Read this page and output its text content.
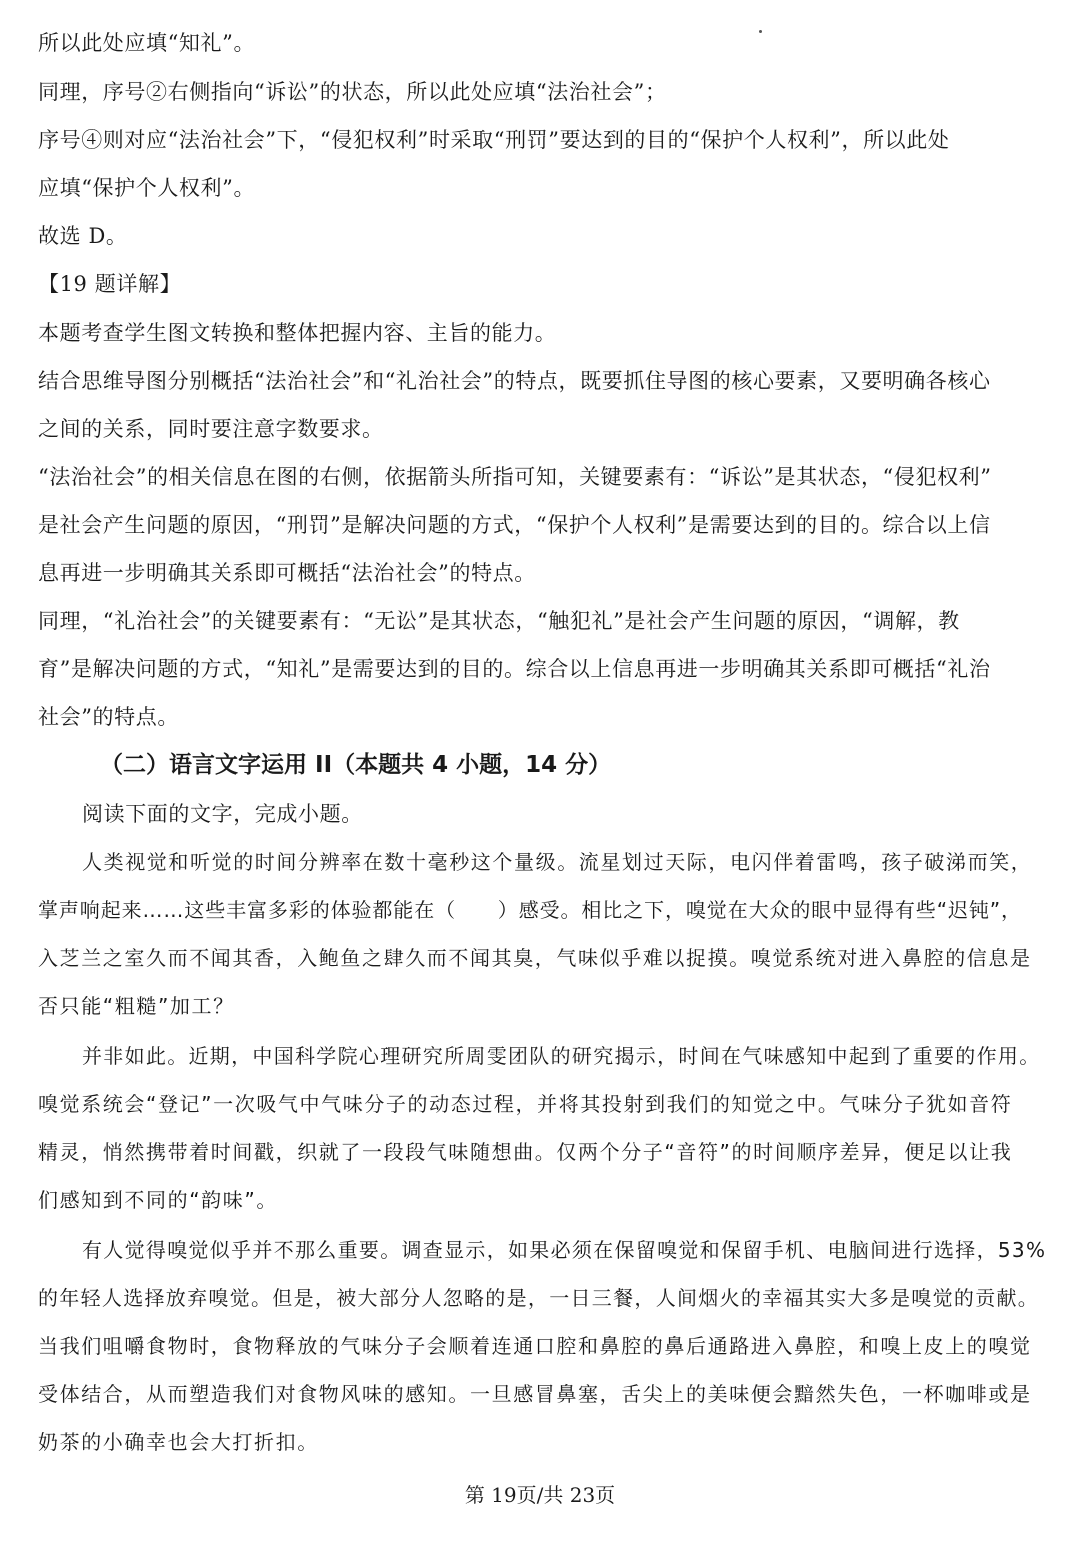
所以此处应填“知礼”。
同理，序号②右侧指向“诉讼”的状态，所以此处应填“法治社会”；
序号④则对应“法治社会”下，“侵犯权利”时采取“刑罚”要达到的目的“保护个人权利”，所以此处
应填“保护个人权利”。
故选 D。
【19 题详解】
本题考查学生图文转换和整体把握内容、主旨的能力。
结合思维导图分别概括“法治社会”和“礼治社会”的特点，既要抓住导图的核心要素，又要明确各核心
之间的关系，同时要注意字数要求。
“法治社会”的相关信息在图的右侧，依据箭头所指可知，关键要素有：“诉讼”是其状态，“侵犯权利”
是社会产生问题的原因，“刑罚”是解决问题的方式，“保护个人权利”是需要达到的目的。综合以上信
息再进一步明确其关系即可概括“法治社会”的特点。
同理，“礼治社会”的关键要素有：“无讼”是其状态，“触犯礼”是社会产生问题的原因，“调解，教
育”是解决问题的方式，“知礼”是需要达到的目的。综合以上信息再进一步明确其关系即可概括“礼治
社会”的特点。
（二）语言文字运用 II（本题共 4 小题，14 分）
阅读下面的文字，完成小题。
人类视觉和听觉的时间分辨率在数十毫秒这个量级。流星划过天际，电闪伴着雷鸣，孩子破涕而笑，
掌声响起来……这些丰富多彩的体验都能在（　　）感受。相比之下，嗅觉在大众的眼中显得有些“迟钝”，
入芝兰之室久而不闻其香，入鲍鱼之肆久而不闻其臭，气味似乎难以捉摸。嗅觉系统对进入鼻腔的信息是
否只能“粗糙”加工？
并非如此。近期，中国科学院心理研究所周雯团队的研究揭示，时间在气味感知中起到了重要的作用。
嗅觉系统会“登记”一次吸气中气味分子的动态过程，并将其投射到我们的知觉之中。气味分子犹如音符
精灵，悄然携带着时间戳，织就了一段段气味随想曲。仅两个分子“音符”的时间顺序差异，便足以让我
们感知到不同的“韵味”。
有人觉得嗅觉似乎并不那么重要。调查显示，如果必须在保留嗅觉和保留手机、电脑间进行选择，53%
的年轻人选择放弃嗅觉。但是，被大部分人忽略的是，一日三餐，人间烟火的幸福其实大多是嗅觉的贡献。
当我们咀嚼食物时，食物释放的气味分子会顺着连通口腔和鼻腔的鼻后通路进入鼻腔，和嗅上皮上的嗅觉
受体结合，从而塑造我们对食物风味的感知。一旦感冒鼻塞，舌尖上的美味便会黯然失色，一杯咖啡或是
奶茶的小确幸也会大打折扣。
第 19页/共 23页
